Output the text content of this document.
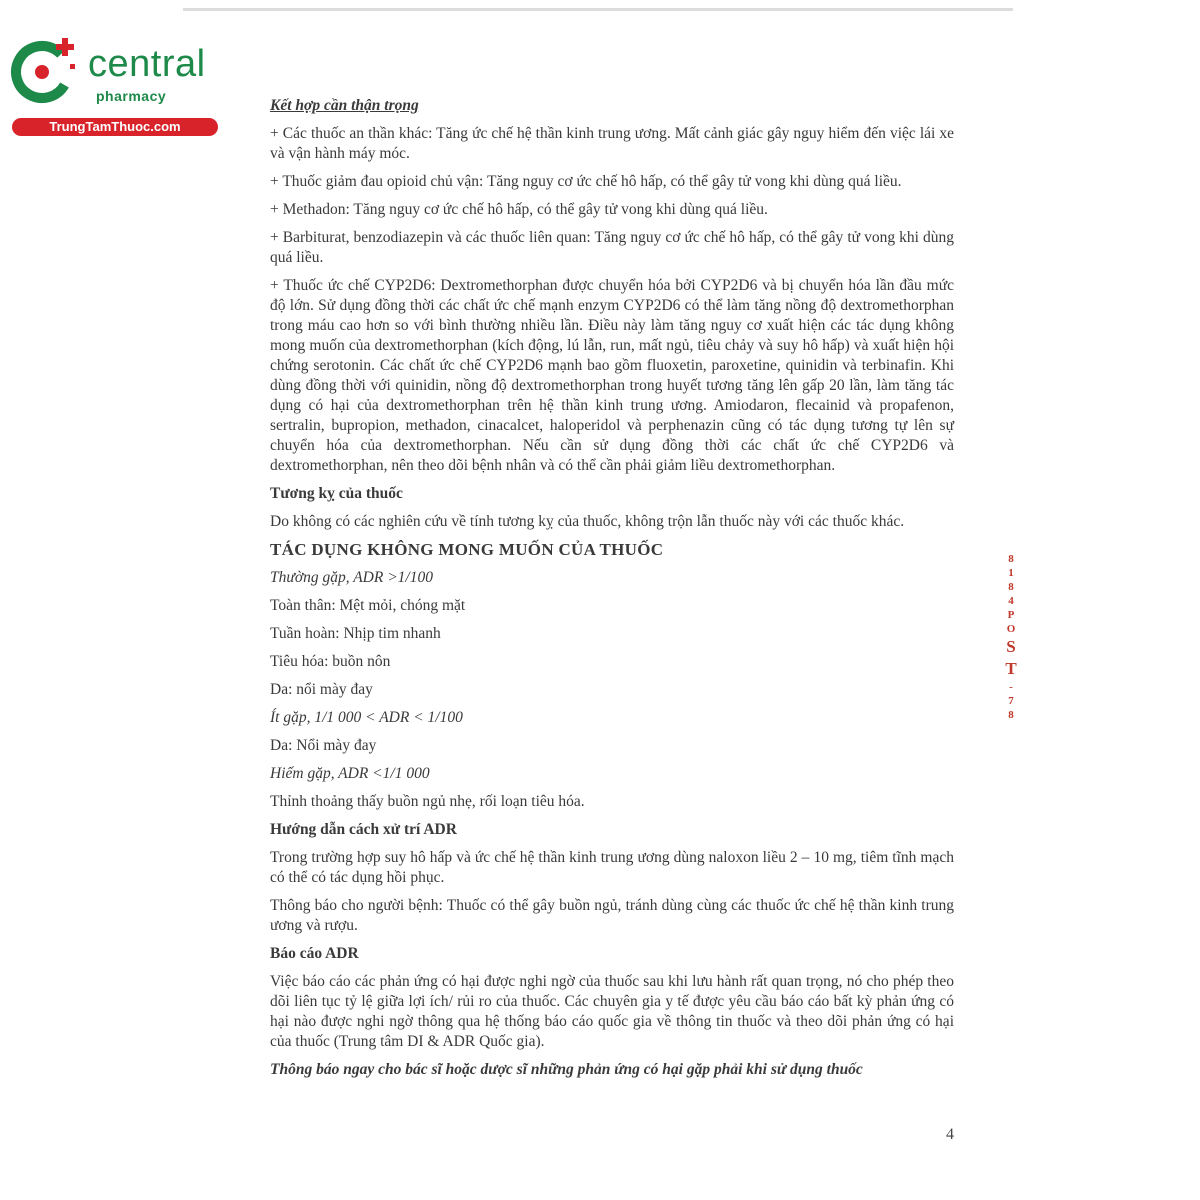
central
pharmacy
TrungTamThuoc.com

Kết hợp cần thận trọng

+ Các thuốc an thần khác: Tăng ức chế hệ thần kinh trung ương. Mất cảnh giác gây nguy hiểm đến việc lái xe và vận hành máy móc.

+ Thuốc giảm đau opioid chủ vận: Tăng nguy cơ ức chế hô hấp, có thể gây tử vong khi dùng quá liều.

+ Methadon: Tăng nguy cơ ức chế hô hấp, có thể gây tử vong khi dùng quá liều.

+ Barbiturat, benzodiazepin và các thuốc liên quan: Tăng nguy cơ ức chế hô hấp, có thể gây tử vong khi dùng quá liều.

+ Thuốc ức chế CYP2D6: Dextromethorphan được chuyển hóa bởi CYP2D6 và bị chuyển hóa lần đầu mức độ lớn. Sử dụng đồng thời các chất ức chế mạnh enzym CYP2D6 có thể làm tăng nồng độ dextromethorphan trong máu cao hơn so với bình thường nhiều lần. Điều này làm tăng nguy cơ xuất hiện các tác dụng không mong muốn của dextromethorphan (kích động, lú lẫn, run, mất ngủ, tiêu chảy và suy hô hấp) và xuất hiện hội chứng serotonin. Các chất ức chế CYP2D6 mạnh bao gồm fluoxetin, paroxetine, quinidin và terbinafin. Khi dùng đồng thời với quinidin, nồng độ dextromethorphan trong huyết tương tăng lên gấp 20 lần, làm tăng tác dụng có hại của dextromethorphan trên hệ thần kinh trung ương. Amiodaron, flecainid và propafenon, sertralin, bupropion, methadon, cinacalcet, haloperidol và perphenazin cũng có tác dụng tương tự lên sự chuyển hóa của dextromethorphan. Nếu cần sử dụng đồng thời các chất ức chế CYP2D6 và dextromethorphan, nên theo dõi bệnh nhân và có thể cần phải giảm liều dextromethorphan.

Tương kỵ của thuốc

Do không có các nghiên cứu về tính tương kỵ của thuốc, không trộn lẫn thuốc này với các thuốc khác.

TÁC DỤNG KHÔNG MONG MUỐN CỦA THUỐC

Thường gặp, ADR >1/100

Toàn thân: Mệt mỏi, chóng mặt

Tuần hoàn: Nhịp tim nhanh

Tiêu hóa: buồn nôn

Da: nổi mày đay

Ít gặp, 1/1 000 < ADR < 1/100

Da: Nổi mày đay

Hiếm gặp, ADR <1/1 000

Thỉnh thoảng thấy buồn ngủ nhẹ, rối loạn tiêu hóa.

Hướng dẫn cách xử trí ADR

Trong trường hợp suy hô hấp và ức chế hệ thần kinh trung ương dùng naloxon liều 2 – 10 mg, tiêm tĩnh mạch có thể có tác dụng hồi phục.

Thông báo cho người bệnh: Thuốc có thể gây buồn ngủ, tránh dùng cùng các thuốc ức chế hệ thần kinh trung ương và rượu.

Báo cáo ADR

Việc báo cáo các phản ứng có hại được nghi ngờ của thuốc sau khi lưu hành rất quan trọng, nó cho phép theo dõi liên tục tỷ lệ giữa lợi ích/ rủi ro của thuốc. Các chuyên gia y tế được yêu cầu báo cáo bất kỳ phản ứng có hại nào được nghi ngờ thông qua hệ thống báo cáo quốc gia về thông tin thuốc và theo dõi phản ứng có hại của thuốc (Trung tâm DI & ADR Quốc gia).

Thông báo ngay cho bác sĩ hoặc dược sĩ những phản ứng có hại gặp phải khi sử dụng thuốc

4
8
1
8
4
P
O
S
T
-
7
8
